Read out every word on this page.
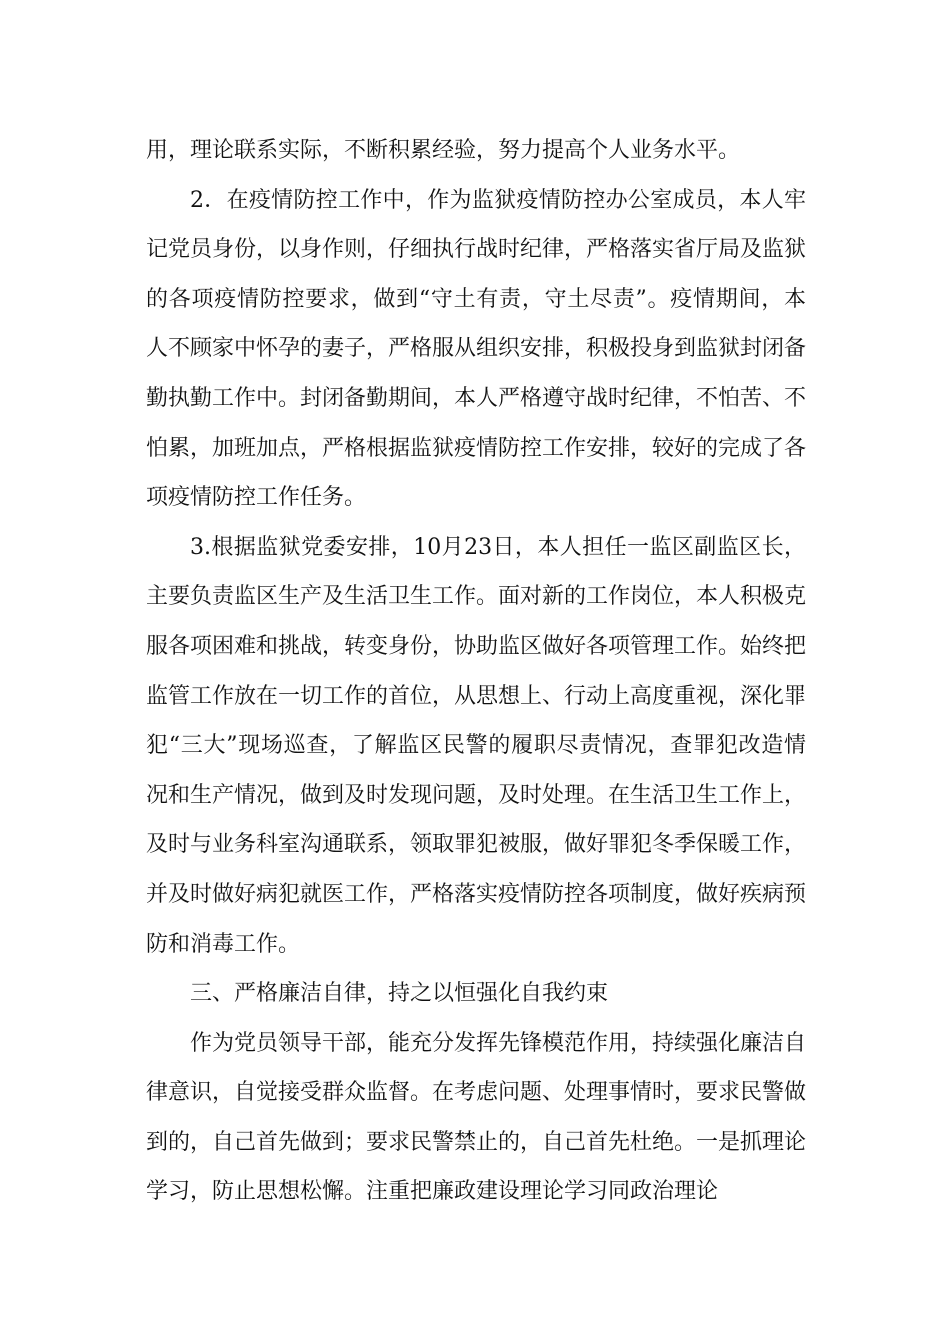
用，理论联系实际，不断积累经验，努力提高个人业务水平。

2．在疫情防控工作中，作为监狱疫情防控办公室成员，本人牢记党员身份，以身作则，仔细执行战时纪律，严格落实省厅局及监狱的各项疫情防控要求，做到“守土有责，守土尽责”。疫情期间，本人不顾家中怀孕的妻子，严格服从组织安排，积极投身到监狱封闭备勤执勤工作中。封闭备勤期间，本人严格遵守战时纪律，不怕苦、不怕累，加班加点，严格根据监狱疫情防控工作安排，较好的完成了各项疫情防控工作任务。

3.根据监狱党委安排，10月23日，本人担任一监区副监区长，主要负责监区生产及生活卫生工作。面对新的工作岗位，本人积极克服各项困难和挑战，转变身份，协助监区做好各项管理工作。始终把监管工作放在一切工作的首位，从思想上、行动上高度重视，深化罪犯“三大”现场巡查，了解监区民警的履职尽责情况，查罪犯改造情况和生产情况，做到及时发现问题，及时处理。在生活卫生工作上，及时与业务科室沟通联系，领取罪犯被服，做好罪犯冬季保暖工作，并及时做好病犯就医工作，严格落实疫情防控各项制度，做好疾病预防和消毒工作。

三、严格廉洁自律，持之以恒强化自我约束

作为党员领导干部，能充分发挥先锋模范作用，持续强化廉洁自律意识，自觉接受群众监督。在考虑问题、处理事情时，要求民警做到的，自己首先做到；要求民警禁止的，自己首先杜绝。一是抓理论学习，防止思想松懈。注重把廉政建设理论学习同政治理论
